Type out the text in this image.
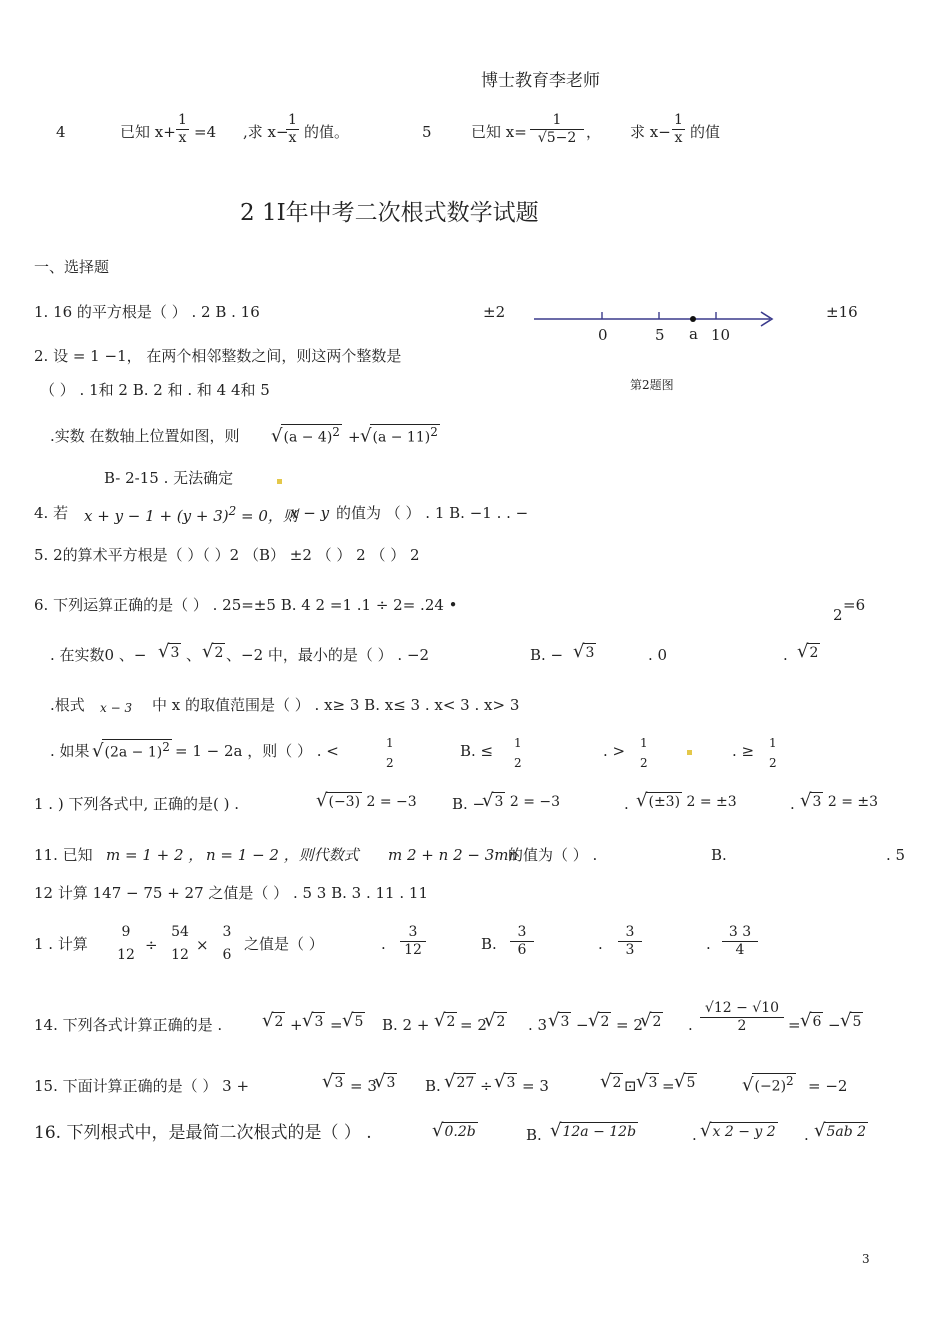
博士教育李老师
4	已知 $x+ \frac{1}{x} =4$ ,求 x−
$\frac{1}{x}$ 的值。	5	已知 $x= \frac{1}{√5-2}$ ， 求 $x- \frac{1}{x}$ 的值
2 1I年中考二次根式数学试题
一、选择题
1. 16 的平方根是（ ） . 2 B . 16	±2	±16
0	5 a 10
第2题图
2. 设 = 1 −1， 在两个相邻整数之间，则这两个整数是
（ ） . 1和 2 B. 2 和 . 和 4 4和 5
.实数 在数轴上位置如图，则 $√(a - 4)^2 + √(a - 11)^2$
B- 2-15 . 无法确定
4. 若 $x + y - 1 + (y + 3)^2 = 0$，则
x − y 的值为 （ ） . 1 B. −1 . . −
5. 2的算术平方根是（ ）（ ）2 （B） ±2 （ ） 2 （ ） 2
6. 下列运算正确的是（ ） . 25=±5 B. 4 2 =1 .1 ÷ 2= .24 •
2
=6
. 在实数0 、− √3 、 √2 、−2 中，最小的是（ ） . −2	B. − √3	. 0	. √2
.根式 x − 3 中 x 的取值范围是（ ） . x≥ 3 B. x≤ 3 . x< 3 . x> 3
. 如果 $√(2a - 1)^2 = 1 - 2a$ ，则（ ） . <	1
2
B. ≤ 1
2
. > 1
2
. ≥ 1
2
1 . ) 下列各式中, 正确的是( ) .	√(−3) 2 = −3 B. −
√3 2 = −3	. √(±3) 2 = ±3	. √3 2 = ±3
11. 已知 m = 1 + 2 ， n = 1 − 2 ，则代数式 m 2 + n 2 − 3mn
的值为（ ） .	B.	. 5
12 计算 147 − 75 + 27 之值是（ ） . 5 3 B. 3 . 11 . 11
1 . 计算
9
12
÷
54
12
×
3
6
之值是（ ）	. $\frac{3}{12}$	B. $\frac{3}{6}$	. $\frac{3}{3}$	. $\frac{3 3}{4}$
14. 下列各式计算正确的是 . √2 + √3 = √5 B. 2 + √2 = 2
√2 . 3 √3 − √2 = 2
√2 . $\frac{√12 - √10}{2} = √6 - √5$
15. 下面计算正确的是（ ） 3 +	√3 = 3
√3 B. √27 ÷ √3 = 3	√2 ⊡ √3 = √5	$√(-2)^2 = -2$
16. 下列根式中，是最简二次根式的是（ ） .	√0.2b	B. √12a − 12b	. √x 2 − y 2 . √5ab 2
3
